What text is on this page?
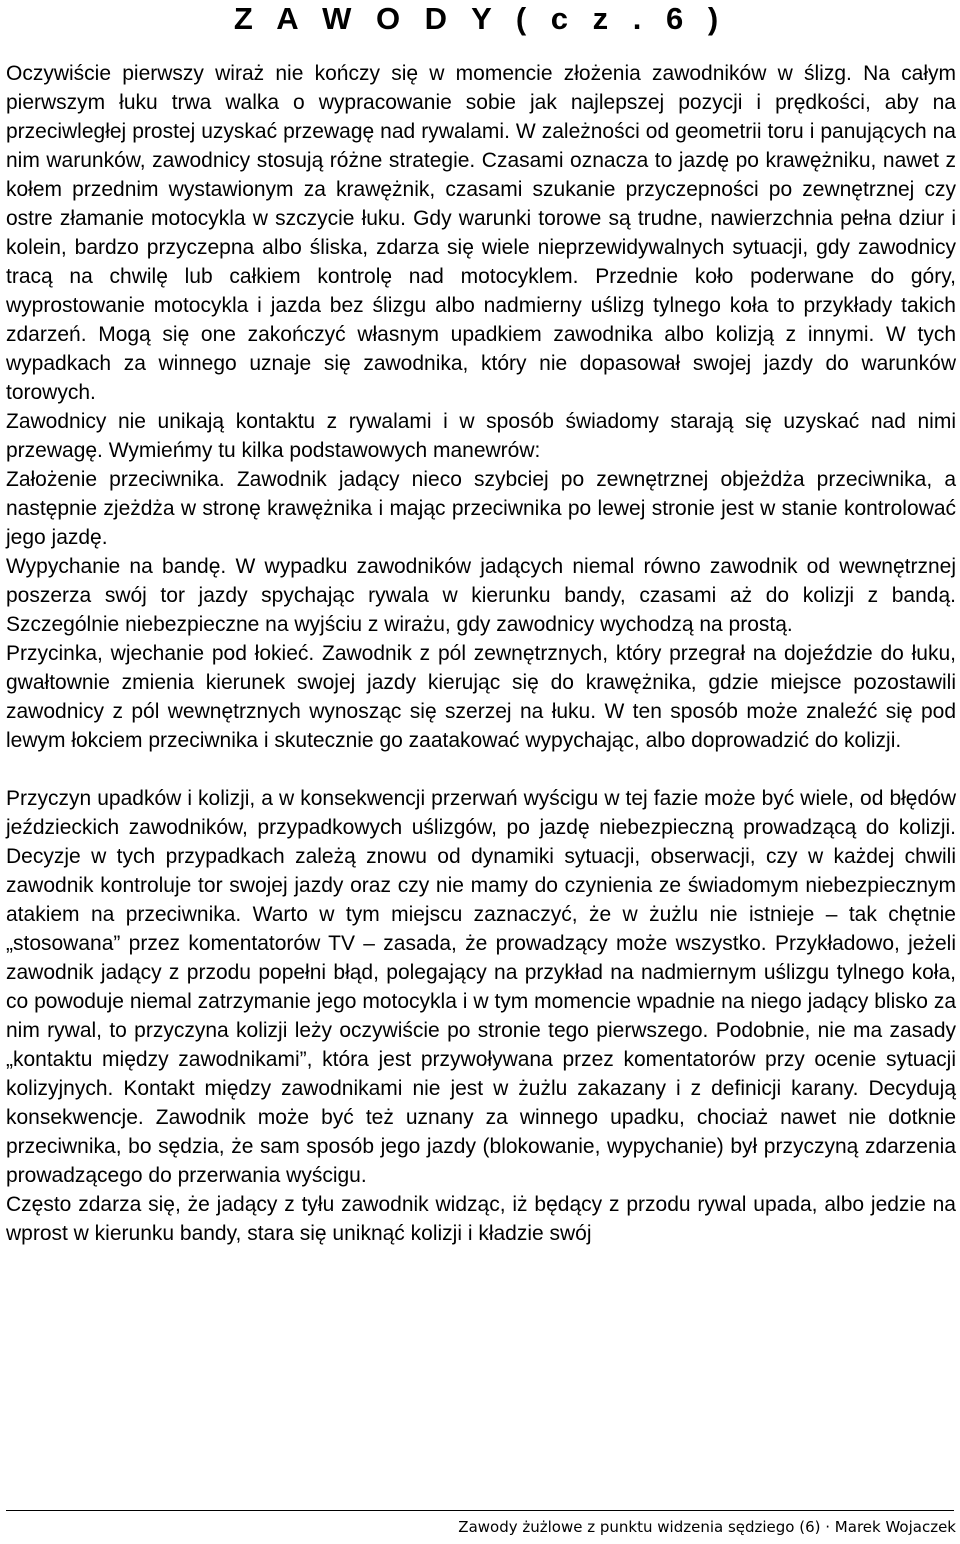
Z A W O D Y ( c z . 6 )

Oczywiście pierwszy wiraż nie kończy się w momencie złożenia zawodników w ślizg. Na całym pierwszym łuku trwa walka o wypracowanie sobie jak najlepszej pozycji i prędkości, aby na przeciwległej prostej uzyskać przewagę nad rywalami. W zależności od geometrii toru i panujących na nim warunków, zawodnicy stosują różne strategie. Czasami oznacza to jazdę po krawężniku, nawet z kołem przednim wystawionym za krawężnik, czasami szukanie przyczepności po zewnętrznej czy ostre złamanie motocykla w szczycie łuku. Gdy warunki torowe są trudne, nawierzchnia pełna dziur i kolein, bardzo przyczepna albo śliska, zdarza się wiele nieprzewidywalnych sytuacji, gdy zawodnicy tracą na chwilę lub całkiem kontrolę nad motocyklem. Przednie koło poderwane do góry, wyprostowanie motocykla i jazda bez ślizgu albo nadmierny uślizg tylnego koła to przykłady takich zdarzeń. Mogą się one zakończyć własnym upadkiem zawodnika albo kolizją z innymi. W tych wypadkach za winnego uznaje się zawodnika, który nie dopasował swojej jazdy do warunków torowych.

Zawodnicy nie unikają kontaktu z rywalami i w sposób świadomy starają się uzyskać nad nimi przewagę. Wymieńmy tu kilka podstawowych manewrów:

Założenie przeciwnika. Zawodnik jadący nieco szybciej po zewnętrznej objeżdża przeciwnika, a następnie zjeżdża w stronę krawężnika i mając przeciwnika po lewej stronie jest w stanie kontrolować jego jazdę.

Wypychanie na bandę. W wypadku zawodników jadących niemal równo zawodnik od wewnętrznej poszerza swój tor jazdy spychając rywala w kierunku bandy, czasami aż do kolizji z bandą. Szczególnie niebezpieczne na wyjściu z wirażu, gdy zawodnicy wychodzą na prostą.

Przycinka, wjechanie pod łokieć. Zawodnik z pól zewnętrznych, który przegrał na dojeździe do łuku, gwałtownie zmienia kierunek swojej jazdy kierując się do krawężnika, gdzie miejsce pozostawili zawodnicy z pól wewnętrznych wynosząc się szerzej na łuku. W ten sposób może znaleźć się pod lewym łokciem przeciwnika i skutecznie go zaatakować wypychając, albo doprowadzić do kolizji.

Przyczyn upadków i kolizji, a w konsekwencji przerwań wyścigu w tej fazie może być wiele, od błędów jeździeckich zawodników, przypadkowych uślizgów, po jazdę niebezpieczną prowadzącą do kolizji. Decyzje w tych przypadkach zależą znowu od dynamiki sytuacji, obserwacji, czy w każdej chwili zawodnik kontroluje tor swojej jazdy oraz czy nie mamy do czynienia ze świadomym niebezpiecznym atakiem na przeciwnika. Warto w tym miejscu zaznaczyć, że w żużlu nie istnieje – tak chętnie „stosowana” przez komentatorów TV – zasada, że prowadzący może wszystko. Przykładowo, jeżeli zawodnik jadący z przodu popełni błąd, polegający na przykład na nadmiernym uślizgu tylnego koła, co powoduje niemal zatrzymanie jego motocykla i w tym momencie wpadnie na niego jadący blisko za nim rywal, to przyczyna kolizji leży oczywiście po stronie tego pierwszego. Podobnie, nie ma zasady „kontaktu między zawodnikami”, która jest przywoływana przez komentatorów przy ocenie sytuacji kolizyjnych. Kontakt między zawodnikami nie jest w żużlu zakazany i z definicji karany. Decydują konsekwencje. Zawodnik może być też uznany za winnego upadku, chociaż nawet nie dotknie przeciwnika, bo sędzia, że sam sposób jego jazdy (blokowanie, wypychanie) był przyczyną zdarzenia prowadzącego do przerwania wyścigu.

Często zdarza się, że jadący z tyłu zawodnik widząc, iż będący z przodu rywal upada, albo jedzie na wprost w kierunku bandy, stara się uniknąć kolizji i kładzie swój

Zawody żużlowe z punktu widzenia sędziego (6) · Marek Wojaczek
